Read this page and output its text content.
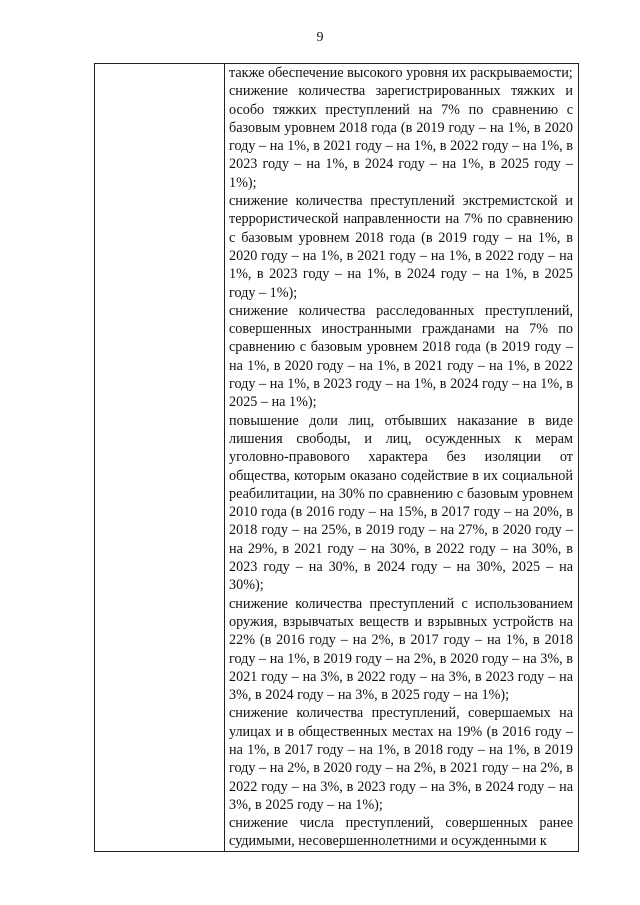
9

также обеспечение высокого уровня их раскрываемости;

снижение количества зарегистрированных тяжких и особо тяжких преступлений на 7% по сравнению с базовым уровнем 2018 года (в 2019 году – на 1%, в 2020 году – на 1%, в 2021 году – на 1%, в 2022 году – на 1%, в 2023 году – на 1%, в 2024 году – на 1%, в 2025 году – 1%);

снижение количества преступлений экстремистской и террористической направленности на 7% по сравнению с базовым уровнем 2018 года (в 2019 году – на 1%, в 2020 году – на 1%, в 2021 году – на 1%, в 2022 году – на 1%, в 2023 году – на 1%, в 2024 году – на 1%, в 2025 году – 1%);

снижение количества расследованных преступлений, совершенных иностранными гражданами на 7% по сравнению с базовым уровнем 2018 года (в 2019 году – на 1%, в 2020 году – на 1%, в 2021 году – на 1%, в 2022 году – на 1%, в 2023 году – на 1%, в 2024 году – на 1%, в 2025 – на 1%);

повышение доли лиц, отбывших наказание в виде лишения свободы, и лиц, осужденных к мерам уголовно-правового характера без изоляции от общества, которым оказано содействие в их социальной реабилитации, на 30% по сравнению с базовым уровнем 2010 года (в 2016 году – на 15%, в 2017 году – на 20%, в 2018 году – на 25%, в 2019 году – на 27%, в 2020 году – на 29%, в 2021 году – на 30%, в 2022 году – на 30%, в 2023 году – на 30%, в 2024 году – на 30%, 2025 – на 30%);

снижение количества преступлений с использованием оружия, взрывчатых веществ и взрывных устройств на 22% (в 2016 году – на 2%, в 2017 году – на 1%, в 2018 году – на 1%, в 2019 году – на 2%, в 2020 году – на 3%, в 2021 году – на 3%, в 2022 году – на 3%, в 2023 году – на 3%, в 2024 году – на 3%, в 2025 году – на 1%);

снижение количества преступлений, совершаемых на улицах и в общественных местах на 19% (в 2016 году – на 1%, в 2017 году – на 1%, в 2018 году – на 1%, в 2019 году – на 2%, в 2020 году – на 2%, в 2021 году – на 2%, в 2022 году – на 3%, в 2023 году – на 3%, в 2024 году – на 3%, в 2025 году – на 1%);

снижение числа преступлений, совершенных ранее судимыми, несовершеннолетними и осужденными к
